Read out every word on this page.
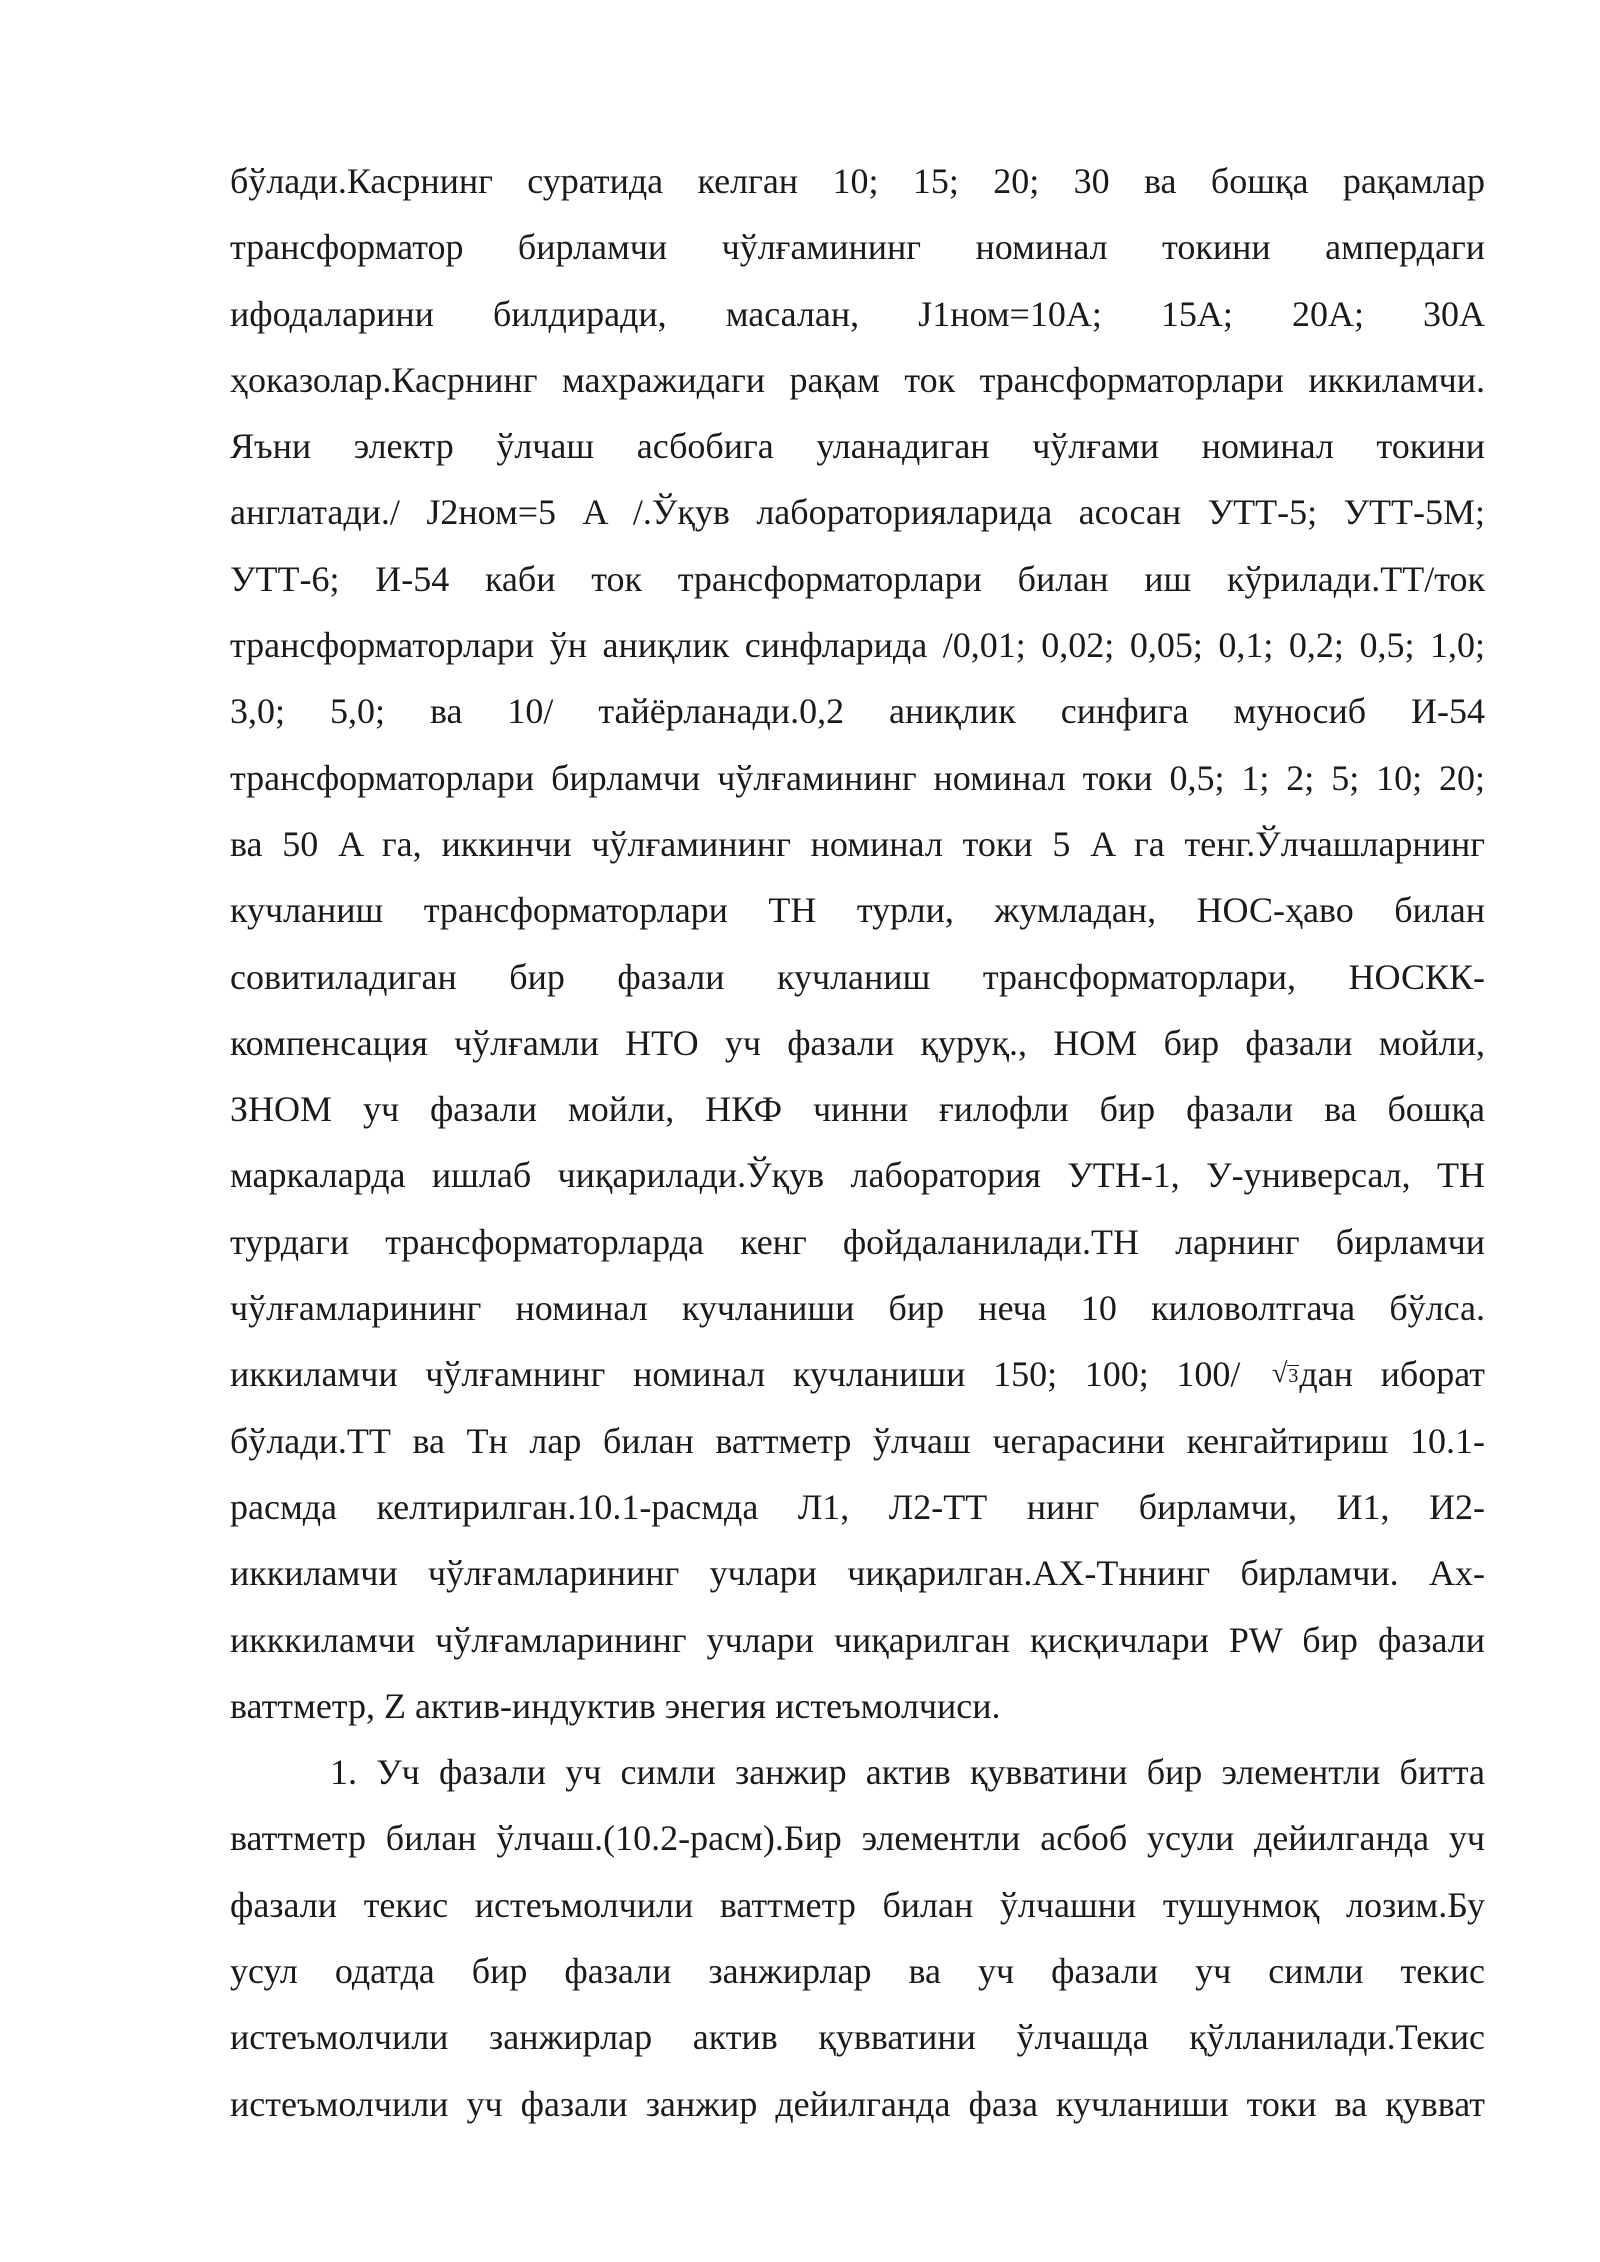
бўлади.Касрнинг суратида келган 10; 15; 20; 30 ва бошқа рақамлар
трансформатор бирламчи чўлғамининг номинал токини ампердаги
ифодаларини билдиради, масалан, J1ном=10A; 15A; 20A; 30A
ҳоказолар.Касрнинг махражидаги рақам ток трансформаторлари иккиламчи.
Яъни электр ўлчаш асбобига уланадиган чўлғами номинал токини
англатади./ J2ном=5 A /.Ўқув лабораторияларида асосан УТТ-5; УТТ-5М;
УТТ-6; И-54 каби ток трансформаторлари билан иш кўрилади.ТТ/ток
трансформаторлари ўн аниқлик синфларида /0,01; 0,02; 0,05; 0,1; 0,2; 0,5; 1,0;
3,0; 5,0; ва 10/ тайёрланади.0,2 аниқлик синфига муносиб И-54
трансформаторлари бирламчи чўлғамининг номинал токи 0,5; 1; 2; 5; 10; 20;
ва 50 A га, иккинчи чўлғамининг номинал токи 5 A га тенг.Ўлчашларнинг
кучланиш трансформаторлари ТН турли, жумладан, НОС-ҳаво билан
совитиладиган бир фазали кучланиш трансформаторлари, НОСКК-
компенсация чўлғамли НТО уч фазали қуруқ., НОМ бир фазали мойли,
ЗНОМ уч фазали мойли, НКФ чинни ғилофли бир фазали ва бошқа
маркаларда ишлаб чиқарилади.Ўқув лаборатория УТН-1, У-универсал, ТН
турдаги трансформаторларда кенг фойдаланилади.ТН ларнинг бирламчи
чўлғамларининг номинал кучланиши бир неча 10 киловолтгача бўлса.
иккиламчи чўлғамнинг номинал кучланиши 150; 100; 100/ √3дан иборат
бўлади.ТТ ва Тн лар билан ваттметр ўлчаш чегарасини кенгайтириш 10.1-
расмда келтирилган.10.1-расмда Л1, Л2-ТТ нинг бирламчи, И1, И2-
иккиламчи чўлғамларининг учлари чиқарилган.АХ-Тннинг бирламчи. Ах-
икккиламчи чўлғамларининг учлари чиқарилган қисқичлари PW бир фазали
ваттметр, Z актив-индуктив энегия истеъмолчиси.
1. Уч фазали уч симли занжир актив қувватини бир элементли битта
ваттметр билан ўлчаш.(10.2-расм).Бир элементли асбоб усули дейилганда уч
фазали текис истеъмолчили ваттметр билан ўлчашни тушунмоқ лозим.Бу
усул одатда бир фазали занжирлар ва уч фазали уч симли текис
истеъмолчили занжирлар актив қувватини ўлчашда қўлланилади.Текис
истеъмолчили уч фазали занжир дейилганда фаза кучланиши токи ва қувват
